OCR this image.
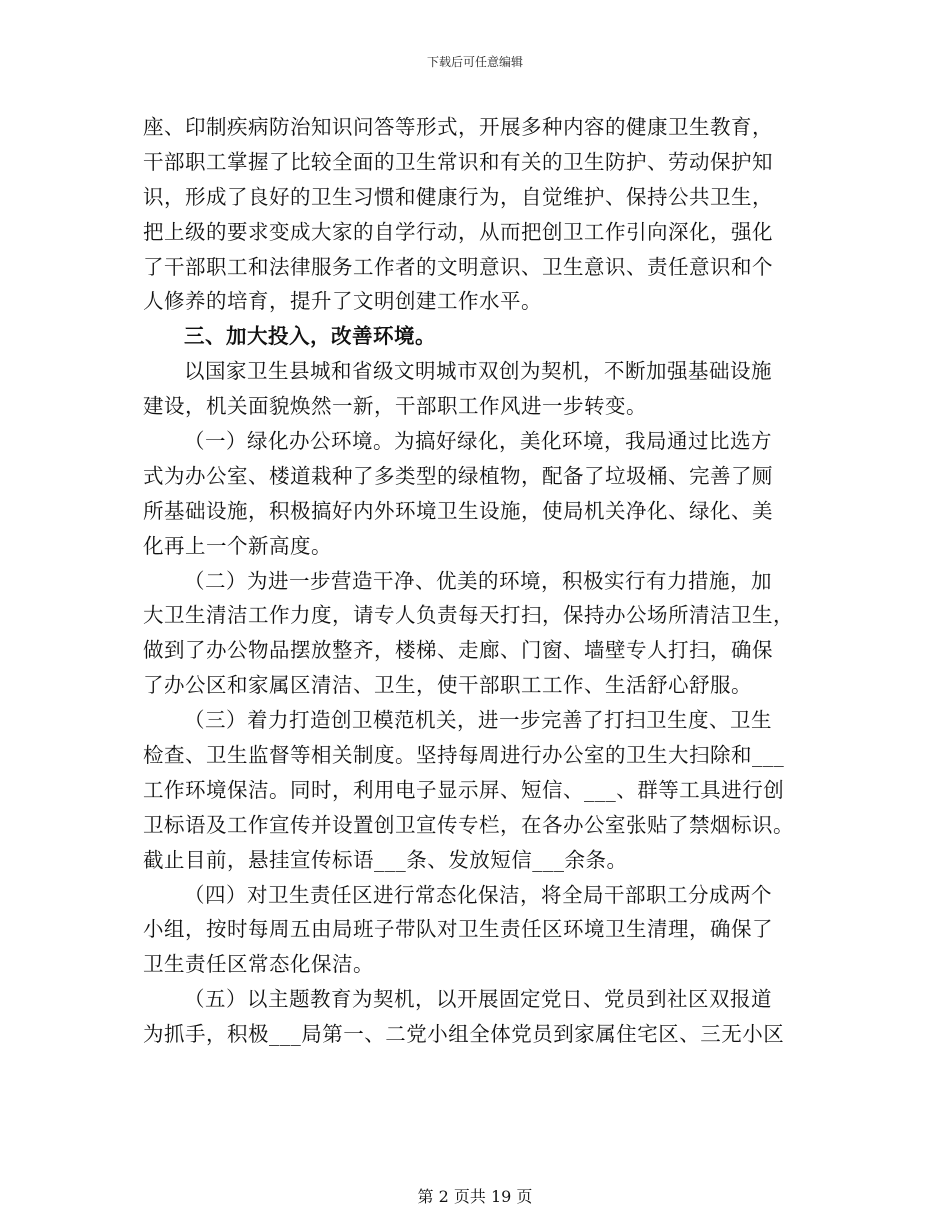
下载后可任意编辑
座、印制疾病防治知识问答等形式，开展多种内容的健康卫生教育，
干部职工掌握了比较全面的卫生常识和有关的卫生防护、劳动保护知
识，形成了良好的卫生习惯和健康行为，自觉维护、保持公共卫生，
把上级的要求变成大家的自学行动，从而把创卫工作引向深化，强化
了干部职工和法律服务工作者的文明意识、卫生意识、责任意识和个
人修养的培育，提升了文明创建工作水平。
三、加大投入，改善环境。
以国家卫生县城和省级文明城市双创为契机，不断加强基础设施
建设，机关面貌焕然一新，干部职工作风进一步转变。
（一）绿化办公环境。为搞好绿化，美化环境，我局通过比选方
式为办公室、楼道栽种了多类型的绿植物，配备了垃圾桶、完善了厕
所基础设施，积极搞好内外环境卫生设施，使局机关净化、绿化、美
化再上一个新高度。
（二）为进一步营造干净、优美的环境，积极实行有力措施，加
大卫生清洁工作力度，请专人负责每天打扫，保持办公场所清洁卫生，
做到了办公物品摆放整齐，楼梯、走廊、门窗、墙壁专人打扫，确保
了办公区和家属区清洁、卫生，使干部职工工作、生活舒心舒服。
（三）着力打造创卫模范机关，进一步完善了打扫卫生度、卫生
检查、卫生监督等相关制度。坚持每周进行办公室的卫生大扫除和___
工作环境保洁。同时，利用电子显示屏、短信、___、群等工具进行创
卫标语及工作宣传并设置创卫宣传专栏，在各办公室张贴了禁烟标识。
截止目前，悬挂宣传标语___条、发放短信___余条。
（四）对卫生责任区进行常态化保洁，将全局干部职工分成两个
小组，按时每周五由局班子带队对卫生责任区环境卫生清理，确保了
卫生责任区常态化保洁。
（五）以主题教育为契机，以开展固定党日、党员到社区双报道
为抓手，积极___局第一、二党小组全体党员到家属住宅区、三无小区
第 2 页共 19 页
